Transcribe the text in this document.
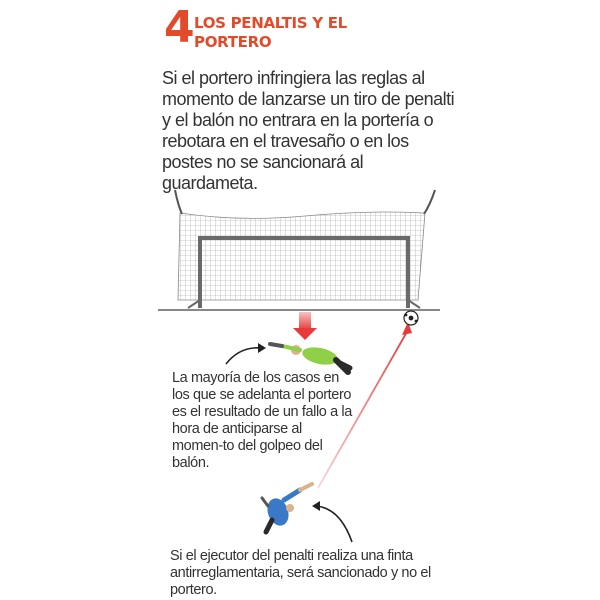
4 LOS PENALTIS Y EL PORTERO

Si el portero infringiera las reglas al momento de lanzarse un tiro de penalti y el balón no entrara en la portería o rebotara en el travesaño o en los postes no se sancionará al guardameta.

La mayoría de los casos en los que se adelanta el portero es el resultado de un fallo a la hora de anticiparse al momen-to del golpeo del balón.
Si el ejecutor del penalti realiza una finta antirreglamentaria, será sancionado y no el portero.
